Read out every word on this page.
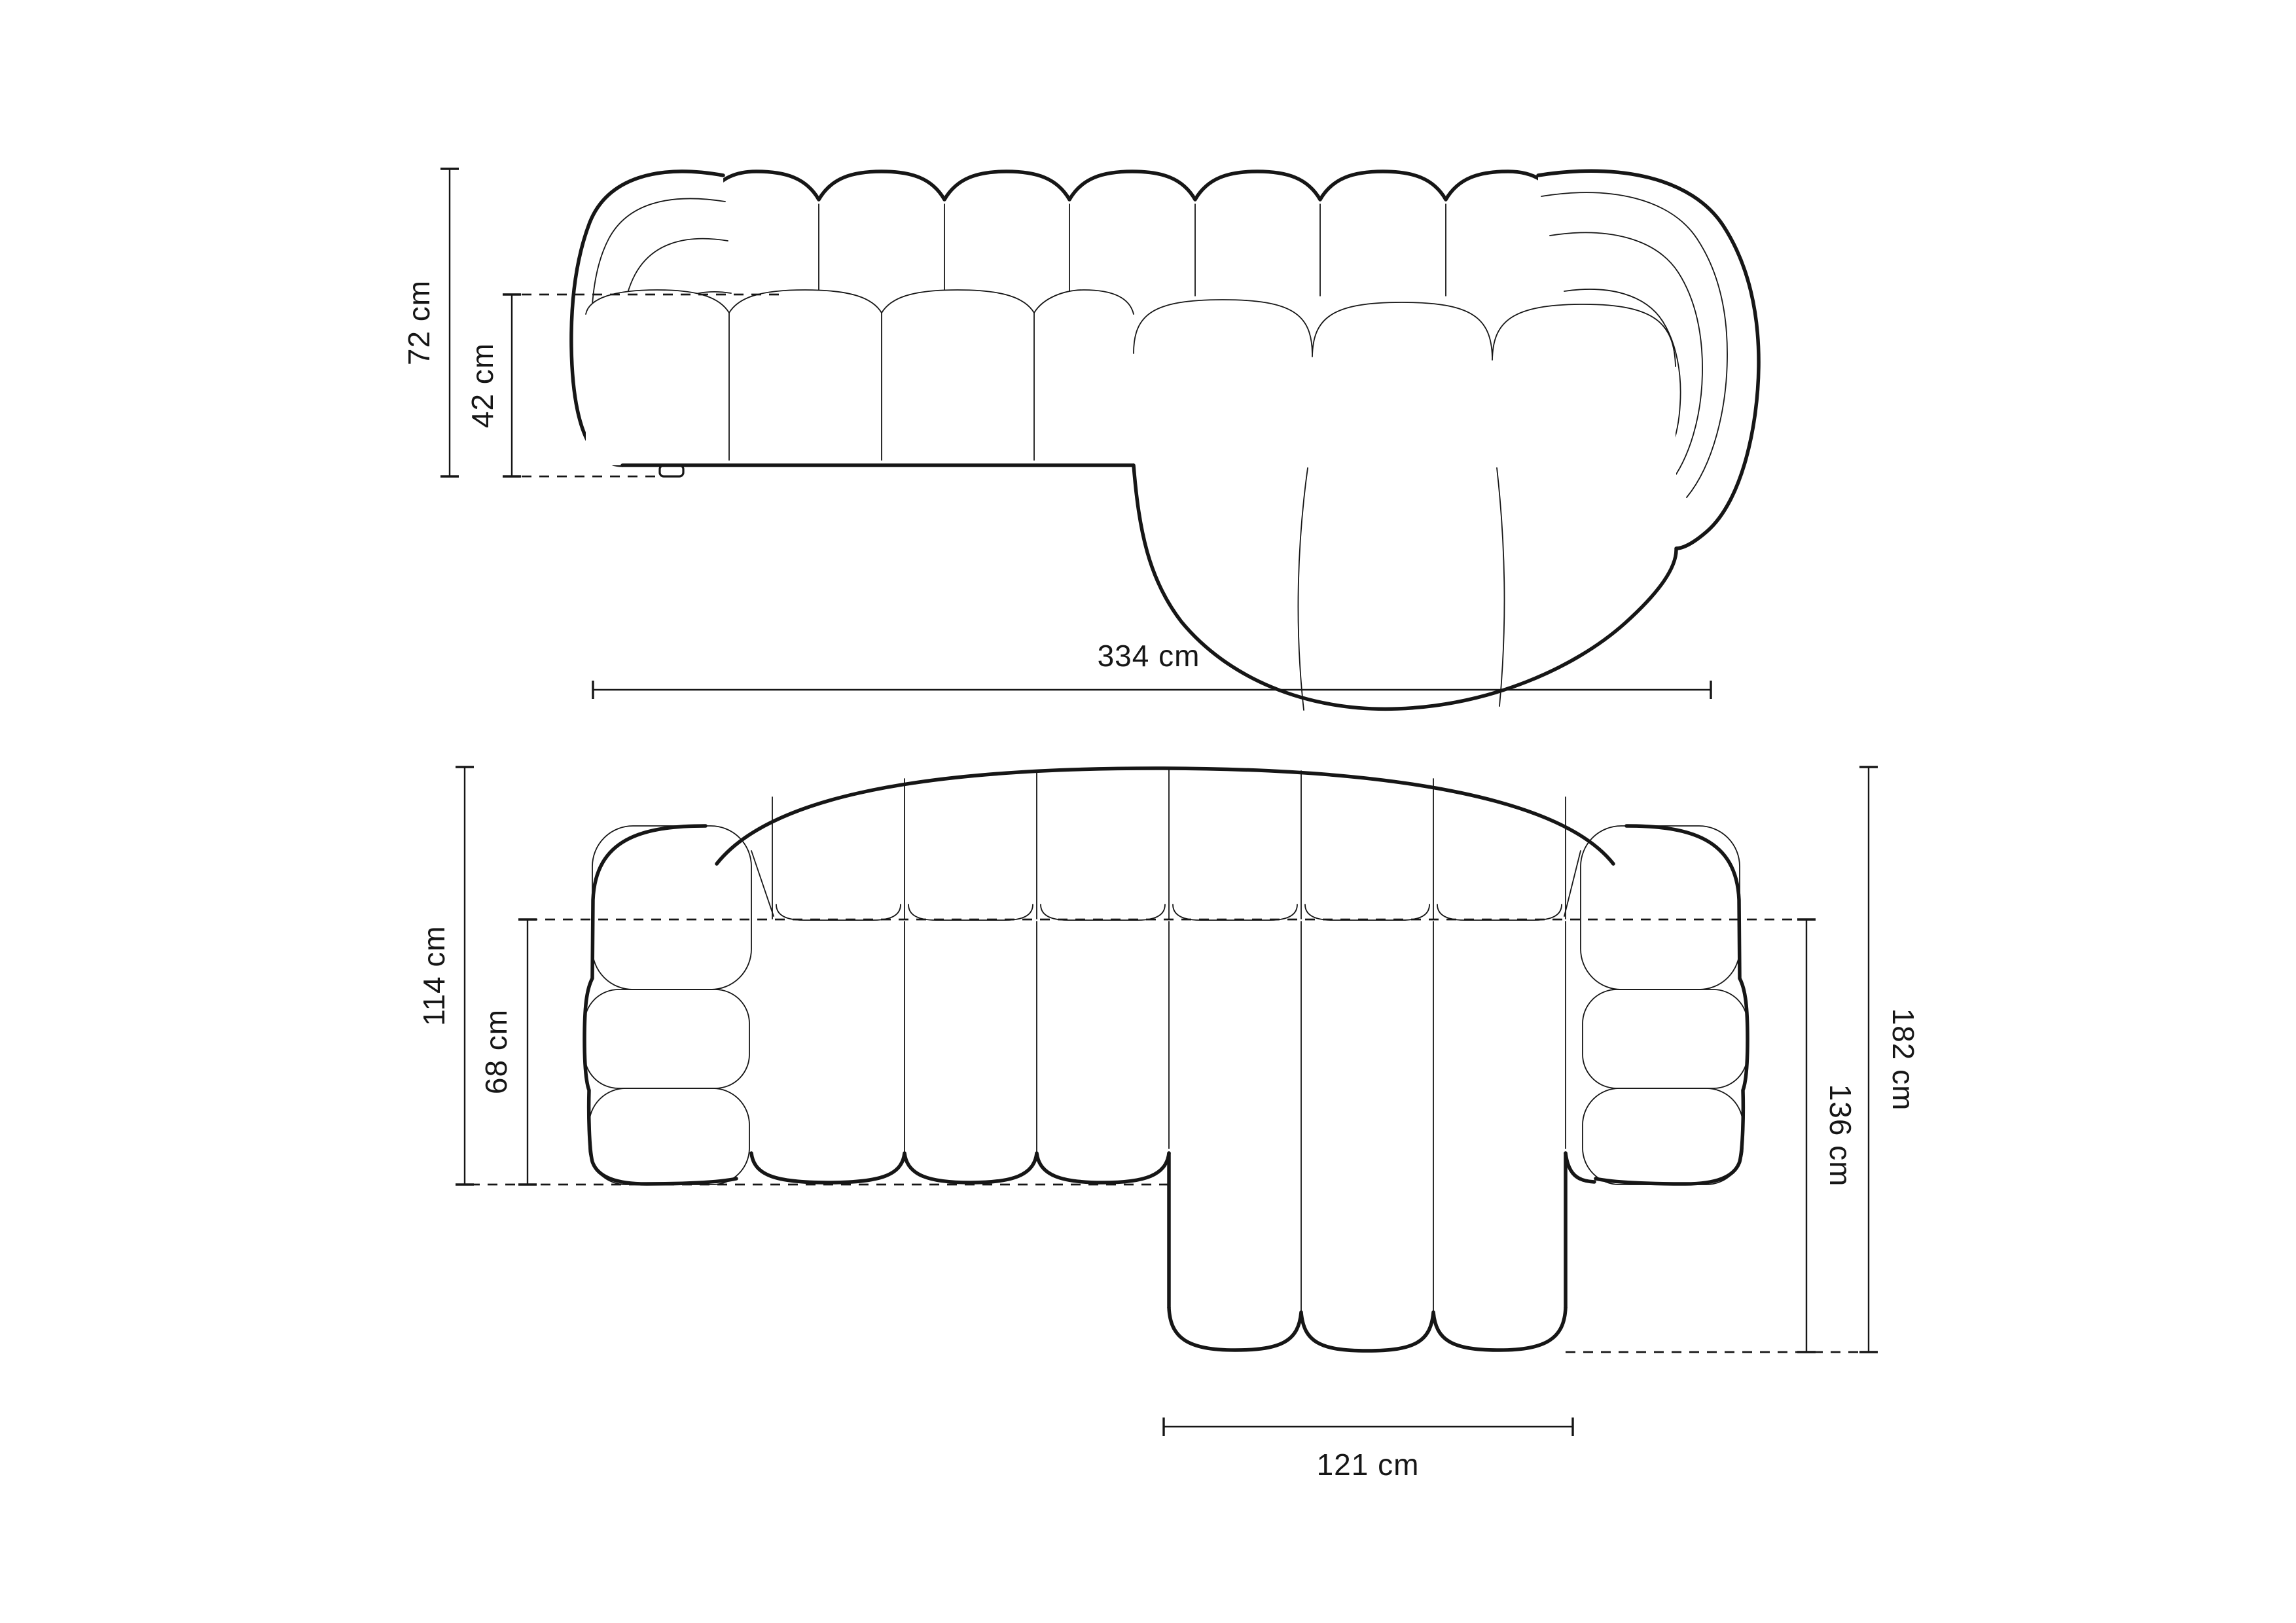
72 cm
42 cm
334 cm
114 cm
68 cm
136 cm
182 cm
121 cm
